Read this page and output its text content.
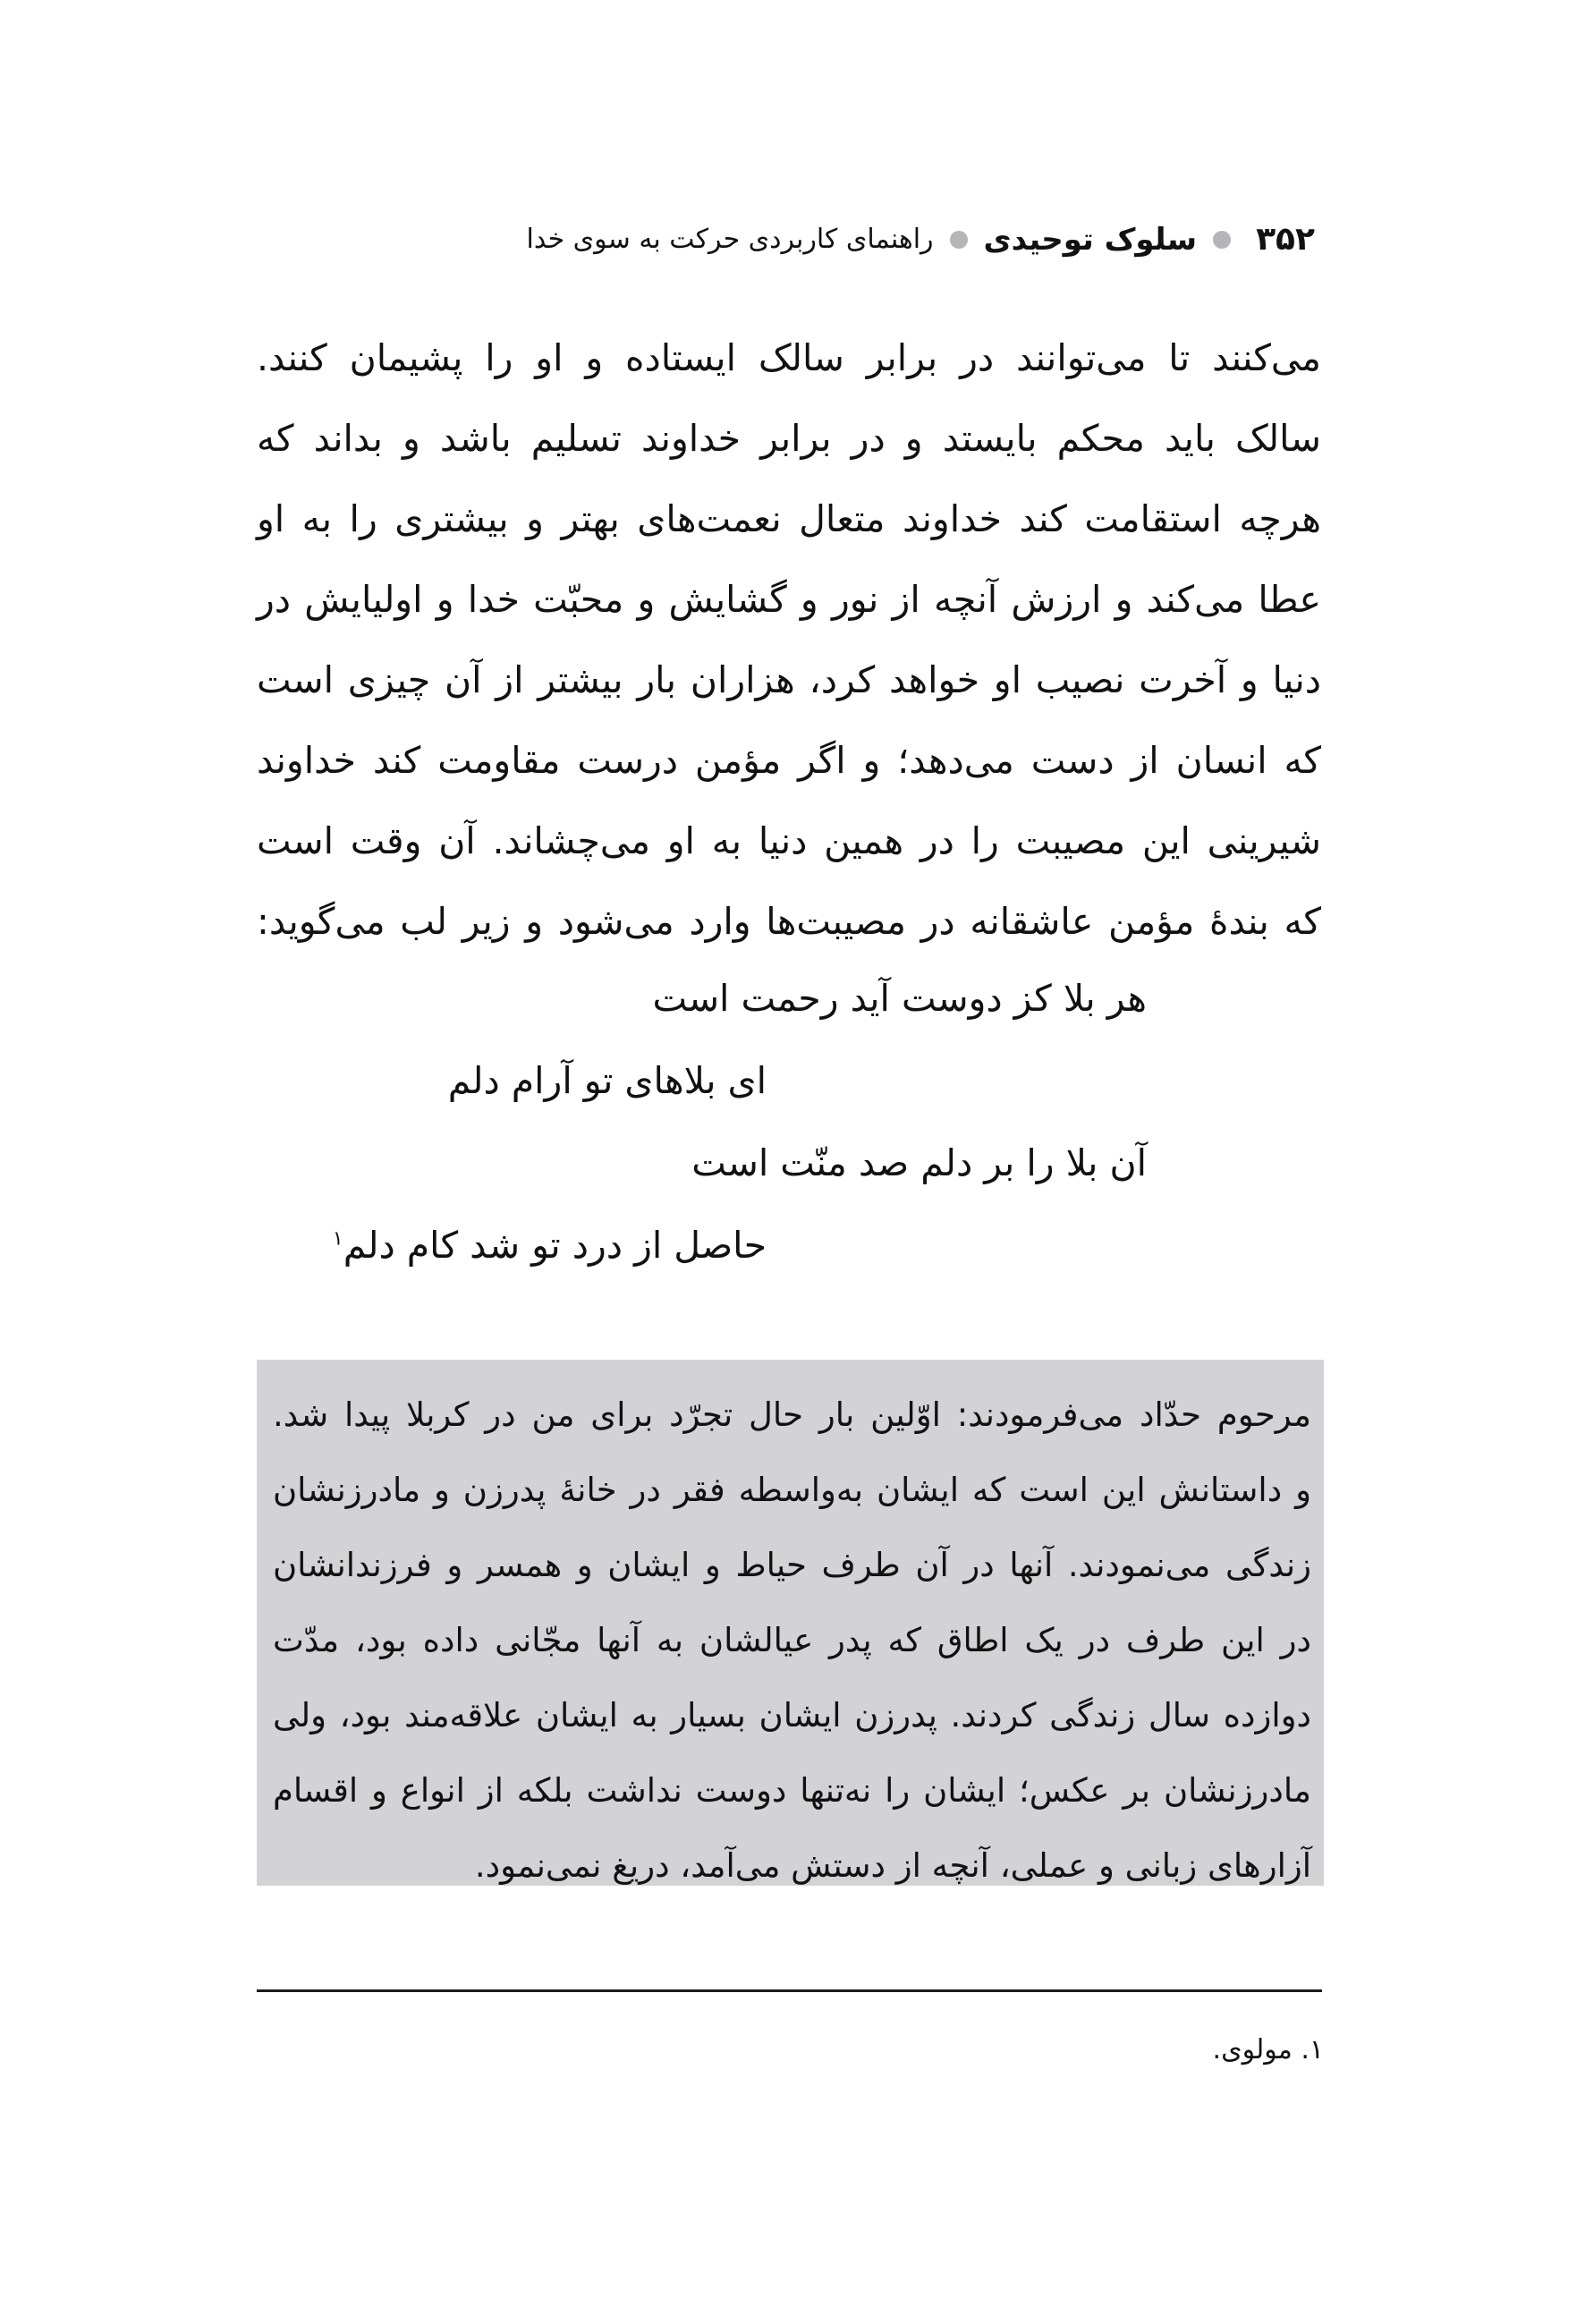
۳۵۲
سلوک توحیدی
راهنمای کاربردی حرکت به سوی خدا
می‌کنند تا می‌توانند در برابر سالک ایستاده و او را پشیمان کنند.
سالک باید محکم بایستد و در برابر خداوند تسلیم باشد و بداند که
هرچه استقامت کند خداوند متعال نعمت‌های بهتر و بیشتری را به او
عطا می‌کند و ارزش آنچه از نور و گشایش و محبّت خدا و اولیایش در
دنیا و آخرت نصیب او خواهد کرد، هزاران بار بیشتر از آن چیزی است
که انسان از دست می‌دهد؛ و اگر مؤمن درست مقاومت کند خداوند
شیرینی این مصیبت را در همین دنیا به او می‌چشاند. آن وقت است
که بندهٔ مؤمن عاشقانه در مصیبت‌ها وارد می‌شود و زیر لب می‌گوید:
هر بلا کز دوست آید رحمت است
ای بلاهای تو آرام دلم
آن بلا را بر دلم صد منّت است
حاصل از درد تو شد کام دلم$^۱$
مرحوم حدّاد می‌فرمودند: اوّلین بار حال تجرّد برای من در کربلا پیدا شد.
و داستانش این است که ایشان به‌واسطه فقر در خانهٔ پدرزن و مادرزنشان
زندگی می‌نمودند. آنها در آن طرف حیاط و ایشان و همسر و فرزندانشان
در این طرف در یک اطاق که پدر عیالشان به آنها مجّانی داده بود، مدّت
دوازده سال زندگی کردند. پدرزن ایشان بسیار به ایشان علاقه‌مند بود، ولی
مادرزنشان بر عکس؛ ایشان را نه‌تنها دوست نداشت بلکه از انواع و اقسام
آزارهای زبانی و عملی، آنچه از دستش می‌آمد، دریغ نمی‌نمود.
۱. مولوی.
